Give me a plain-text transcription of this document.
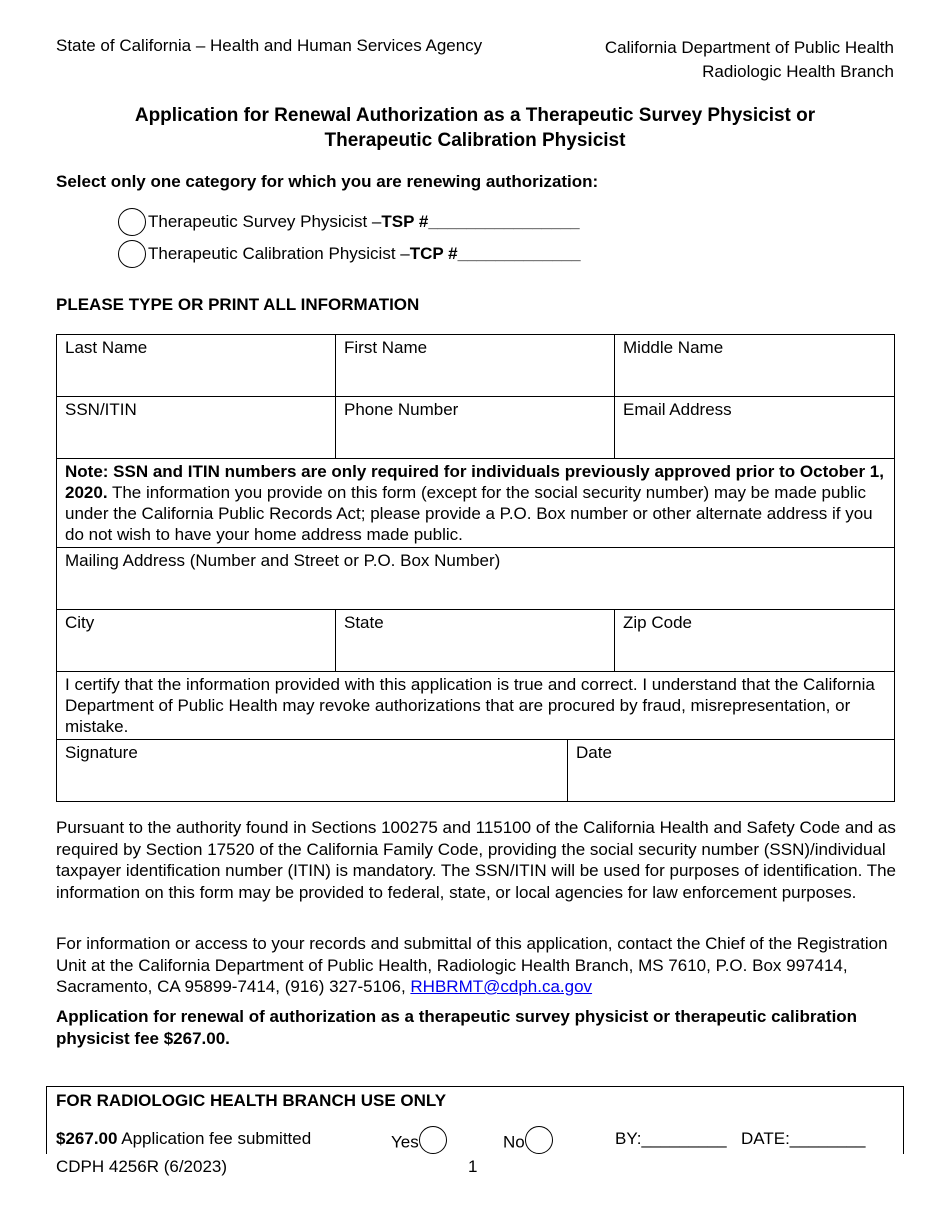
State of California – Health and Human Services Agency	California Department of Public Health
Radiologic Health Branch
Application for Renewal Authorization as a Therapeutic Survey Physicist or
Therapeutic Calibration Physicist
Select only one category for which you are renewing authorization:
Therapeutic Survey Physicist – TSP # ________________
Therapeutic Calibration Physicist – TCP # _____________
PLEASE TYPE OR PRINT ALL INFORMATION
Last Name	First Name		Middle Name
SSN/ITIN	Phone Number		Email Address
Note: SSN and ITIN numbers are only required for individuals previously approved prior to October 1, 2020. The information you provide on this form (except for the social security number) may be made public under the California Public Records Act; please provide a P.O. Box number or other alternate address if you do not wish to have your home address made public.			
Mailing Address (Number and Street or P.O. Box Number)			
City	State		Zip Code
I certify that the information provided with this application is true and correct. I understand that the California Department of Public Health may revoke authorizations that are procured by fraud, misrepresentation, or mistake.			
Signature		Date	
Pursuant to the authority found in Sections 100275 and 115100 of the California Health and Safety Code and as required by Section 17520 of the California Family Code, providing the social security number (SSN)/individual taxpayer identification number (ITIN) is mandatory. The SSN/ITIN will be used for purposes of identification. The information on this form may be provided to federal, state, or local agencies for law enforcement purposes.
For information or access to your records and submittal of this application, contact the Chief of the Registration Unit at the California Department of Public Health, Radiologic Health Branch, MS 7610, P.O. Box 997414, Sacramento, CA 95899-7414, (916) 327-5106, RHBRMT@cdph.ca.gov
Application for renewal of authorization as a therapeutic survey physicist or therapeutic calibration physicist fee $267.00.
FOR RADIOLOGIC HEALTH BRANCH USE ONLY
$267.00 Application fee submitted	Yes	No	BY:_________ DATE:________
CDPH 4256R (6/2023)	1
